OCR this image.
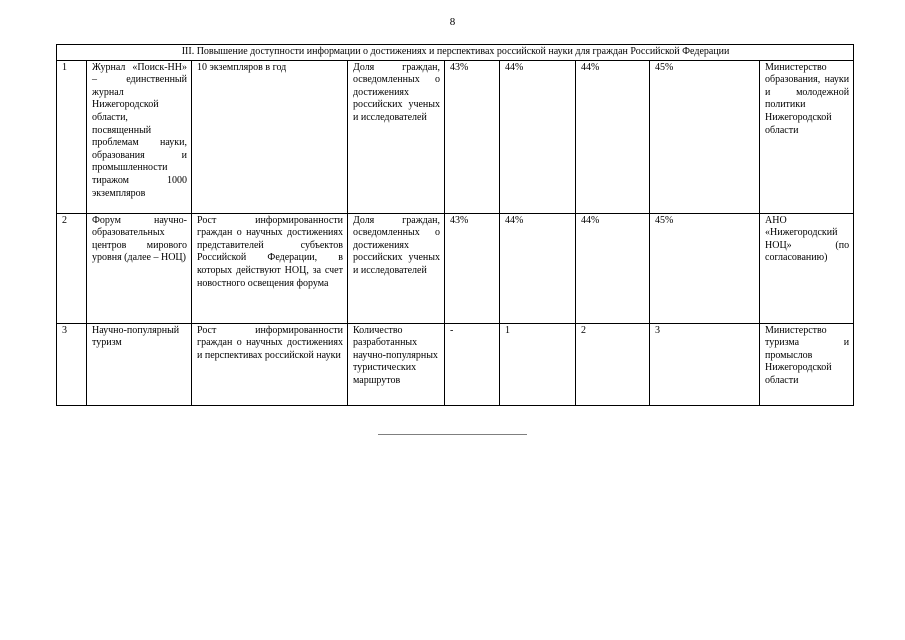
8
III. Повышение доступности информации о достижениях и перспективах российской науки для граждан Российской Федерации								
1	Журнал «Поиск-НН» – единственный журнал Нижегородской области, посвященный проблемам науки, образования и промышленности тиражом 1000 экземпляров	10 экземпляров в год	Доля граждан, осведомленных о достижениях российских ученых и исследователей	43%	44%	44%	45%	Министерство образования, науки и молодежной политики Нижегородской области
2	Форум научно-образовательных центров мирового уровня (далее – НОЦ)	Рост информированности граждан о научных достижениях представителей субъектов Российской Федерации, в которых действуют НОЦ, за счет новостного освещения форума	Доля граждан, осведомленных о достижениях российских ученых и исследователей	43%	44%	44%	45%	АНО «Нижегородский НОЦ» (по согласованию)
3	Научно-популярный туризм	Рост информированности граждан о научных достижениях и перспективах российской науки	Количество разработанных научно-популярных туристических маршрутов	-	1	2	3	Министерство туризма и промыслов Нижегородской области
